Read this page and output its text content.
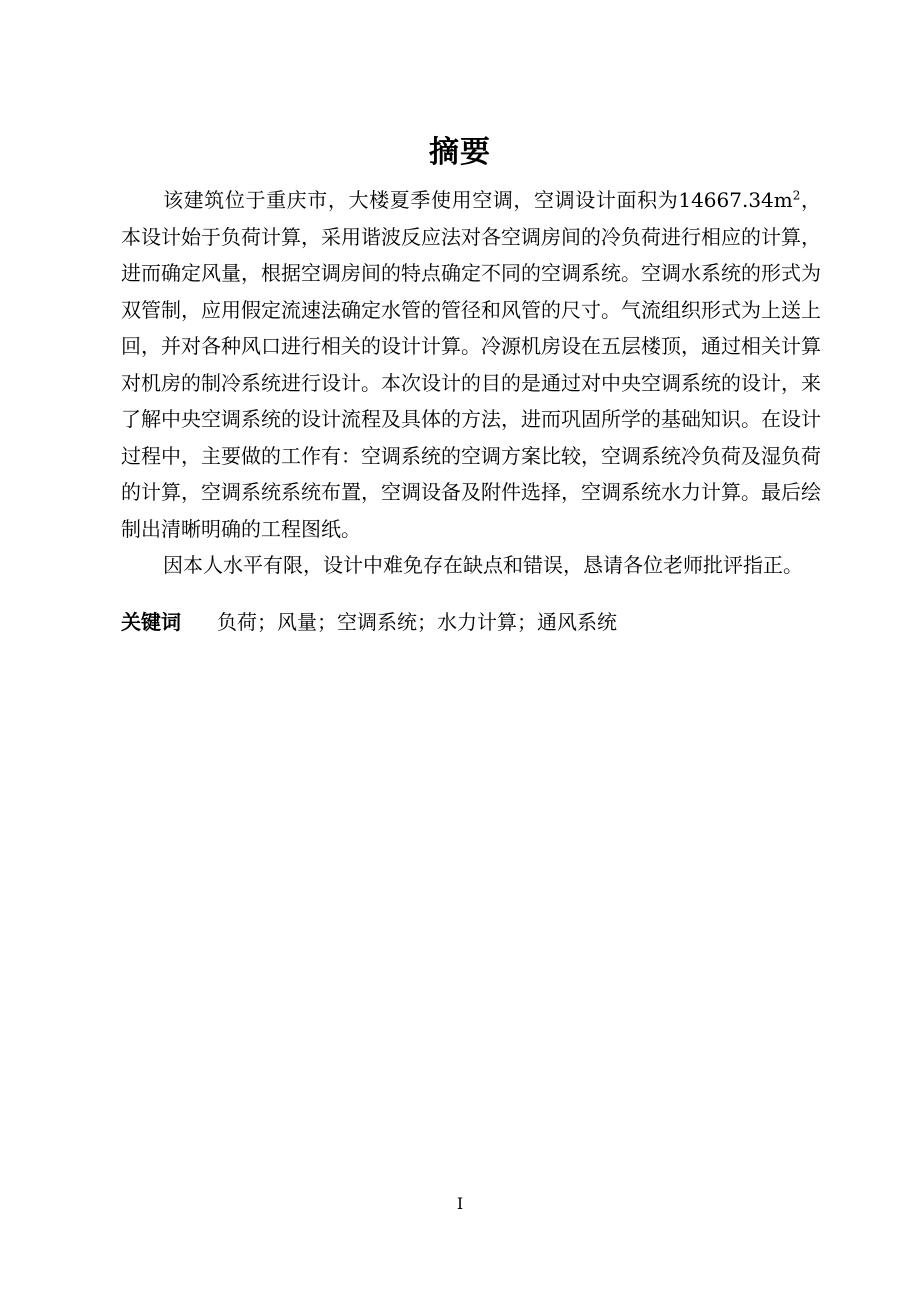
摘要

该建筑位于重庆市，大楼夏季使用空调，空调设计面积为$14667.34m^2$，本设计始于负荷计算，采用谐波反应法对各空调房间的冷负荷进行相应的计算，进而确定风量，根据空调房间的特点确定不同的空调系统。空调水系统的形式为双管制，应用假定流速法确定水管的管径和风管的尺寸。气流组织形式为上送上回，并对各种风口进行相关的设计计算。冷源机房设在五层楼顶，通过相关计算对机房的制冷系统进行设计。本次设计的目的是通过对中央空调系统的设计，来了解中央空调系统的设计流程及具体的方法，进而巩固所学的基础知识。在设计过程中，主要做的工作有：空调系统的空调方案比较，空调系统冷负荷及湿负荷的计算，空调系统系统布置，空调设备及附件选择，空调系统水力计算。最后绘制出清晰明确的工程图纸。

因本人水平有限，设计中难免存在缺点和错误，恳请各位老师批评指正。

关键词 负荷；风量；空调系统；水力计算；通风系统
I
